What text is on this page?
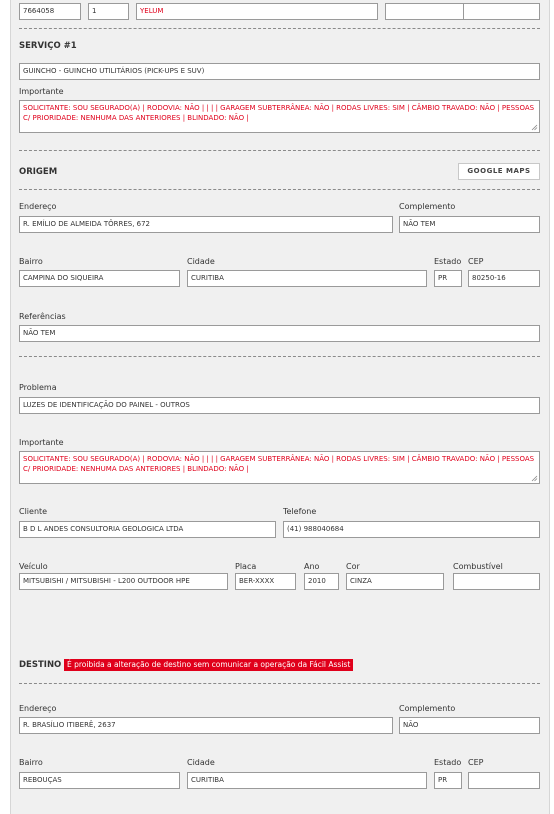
7664058	1	YELUM
SERVIÇO #1
GUINCHO - GUINCHO UTILITÁRIOS (PICK-UPS E SUV)
Importante
SOLICITANTE: SOU SEGURADO(A) | RODOVIA: NÃO | | | | GARAGEM SUBTERRÂNEA: NÃO | RODAS LIVRES: SIM | CÂMBIO TRAVADO: NÃO | PESSOAS C/ PRIORIDADE: NENHUMA DAS ANTERIORES | BLINDADO: NÃO |
ORIGEM	GOOGLE MAPS
Endereço	Complemento
R. EMÍLIO DE ALMEIDA TÔRRES, 672	NÃO TEM
Bairro	Cidade	Estado CEP
CAMPINA DO SIQUEIRA	CURITIBA	PR	80250-16
Referências
NÃO TEM
Problema
LUZES DE IDENTIFICAÇÃO DO PAINEL - OUTROS
Importante
SOLICITANTE: SOU SEGURADO(A) | RODOVIA: NÃO | | | | GARAGEM SUBTERRÂNEA: NÃO | RODAS LIVRES: SIM | CÂMBIO TRAVADO: NÃO | PESSOAS C/ PRIORIDADE: NENHUMA DAS ANTERIORES | BLINDADO: NÃO |
Cliente	Telefone
B D L ANDES CONSULTORIA GEOLOGICA LTDA	(41) 988040684
Veículo	Placa	Ano	Cor	Combustível
MITSUBISHI / MITSUBISHI - L200 OUTDOOR HPE	BER-XXXX	2010	CINZA
DESTINO É proibida a alteração de destino sem comunicar a operação da Fácil Assist
Endereço	Complemento
R. BRASÍLIO ITIBERÊ, 2637	NÃO
Bairro	Cidade	Estado CEP
REBOUÇAS	CURITIBA	PR
